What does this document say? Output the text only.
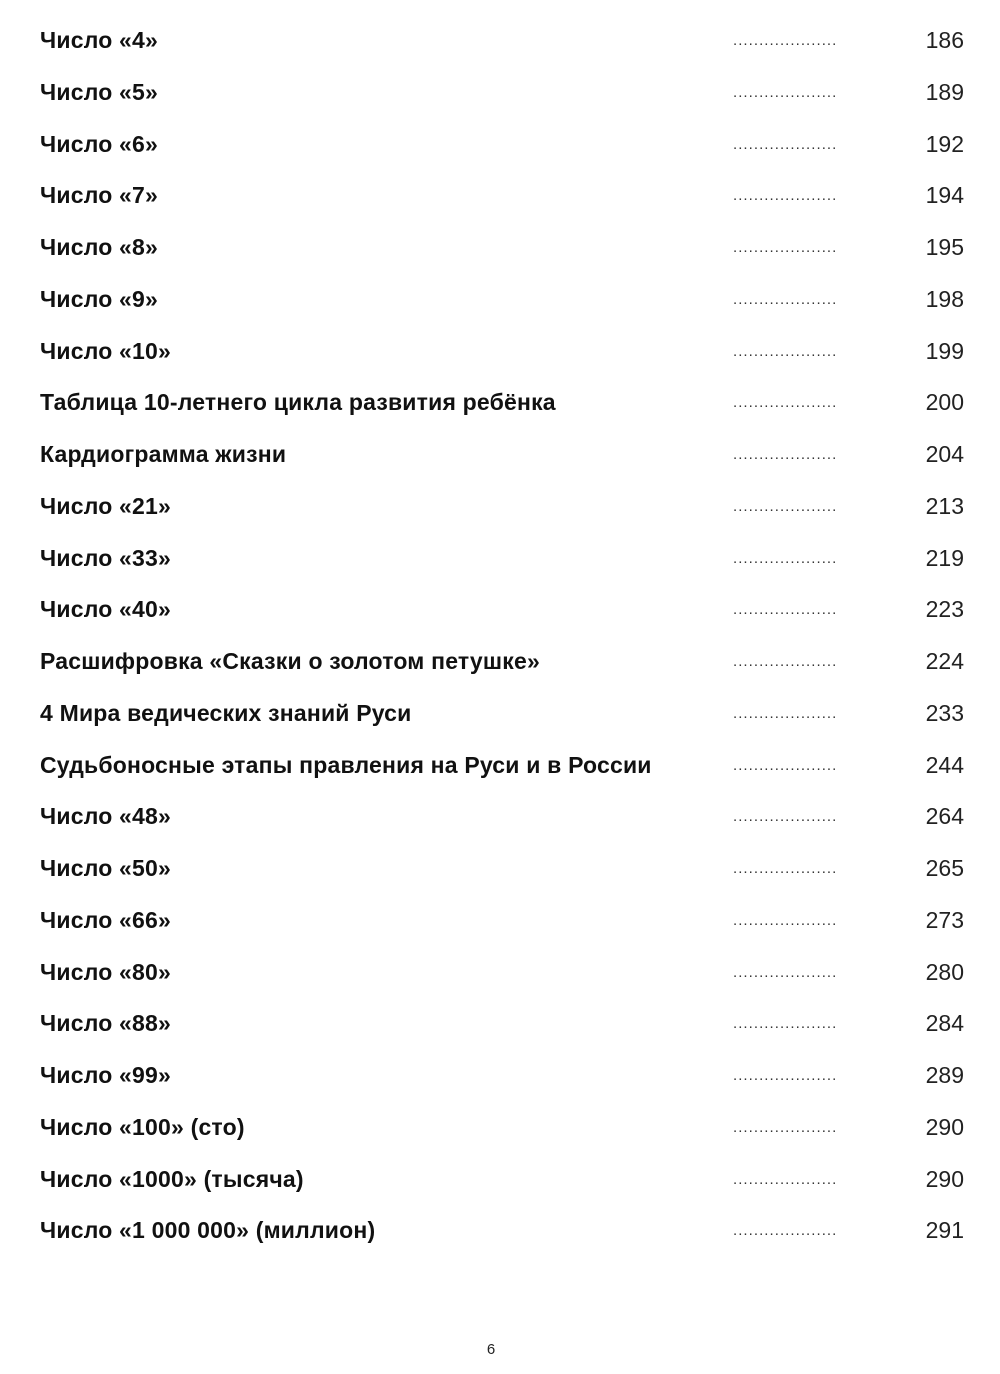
Число «4»	....................	186
Число «5»	....................	189
Число «6»	....................	192
Число «7»	....................	194
Число «8»	....................	195
Число «9»	....................	198
Число «10»	....................	199
Таблица 10-летнего цикла развития ребёнка	....................	200
Кардиограмма жизни	....................	204
Число «21»	....................	213
Число «33»	....................	219
Число «40»	....................	223
Расшифровка «Сказки о золотом петушке»	....................	224
4 Мира ведических знаний Руси	....................	233
Судьбоносные этапы правления на Руси и в России	....................	244
Число «48»	....................	264
Число «50»	....................	265
Число «66»	....................	273
Число «80»	....................	280
Число «88»	....................	284
Число «99»	....................	289
Число «100» (сто)	....................	290
Число «1000» (тысяча)	....................	290
Число «1 000 000» (миллион)	....................	291
6
